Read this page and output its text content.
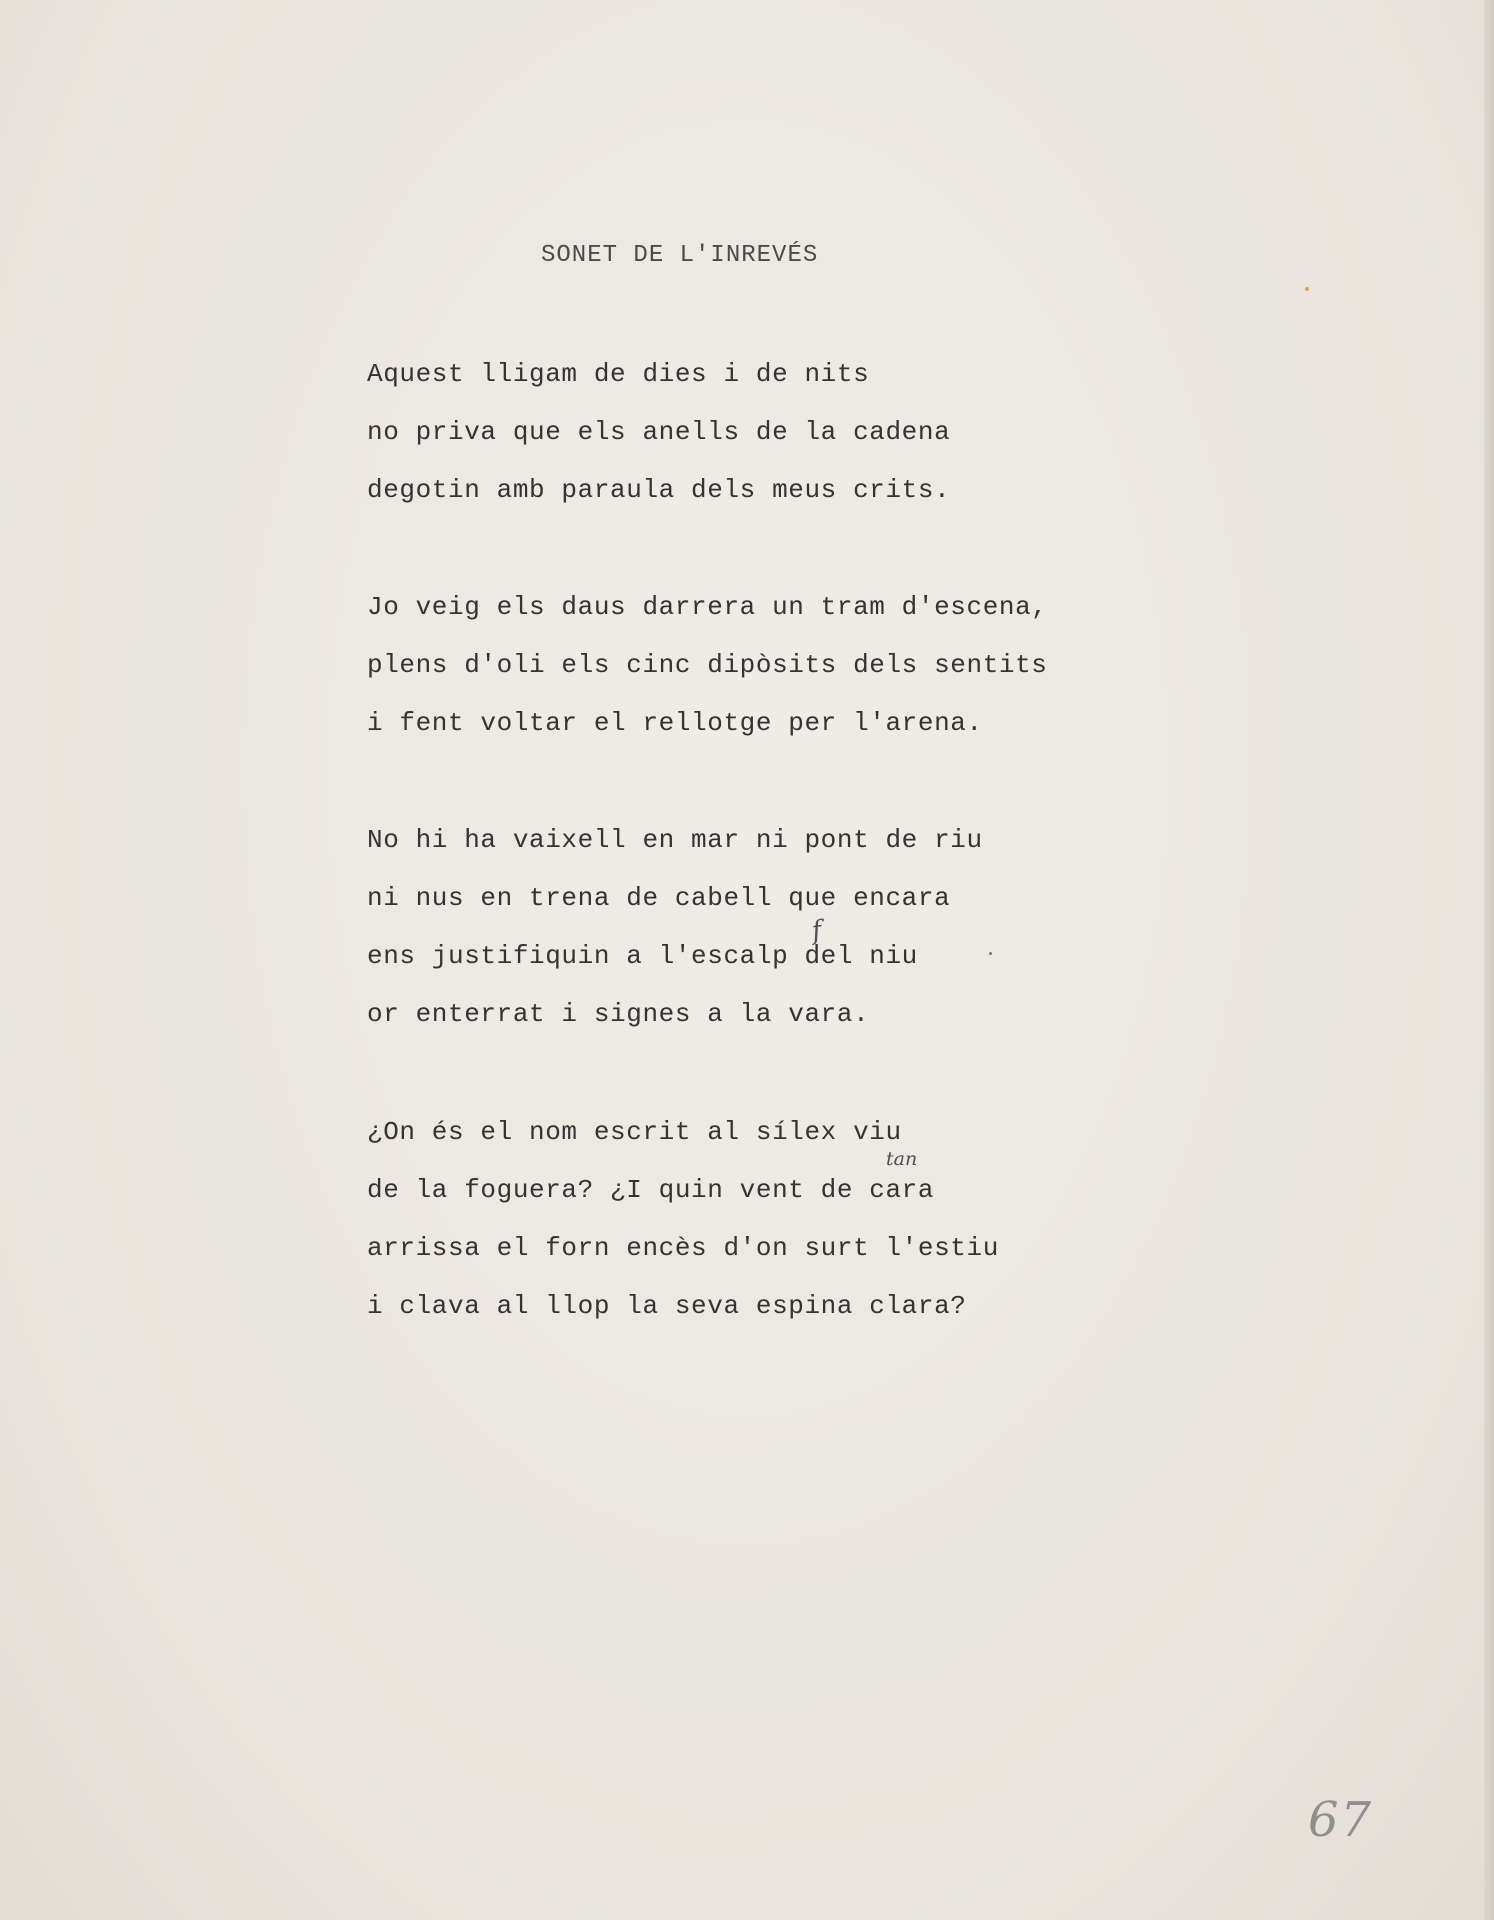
SONET DE L'INREVÉS

Aquest lligam de dies i de nits
no priva que els anells de la cadena
degotin amb paraula dels meus crits.
Jo veig els daus darrera un tram d'escena,
plens d'oli els cinc dipòsits dels sentits
i fent voltar el rellotge per l'arena.
No hi ha vaixell en mar ni pont de riu
ni nus en trena de cabell que encara
ens justifiquin a l'escalp del niu
or enterrat i signes a la vara.
¿On és el nom escrit al sílex viu
de la foguera? ¿I quin vent de cara
arrissa el forn encès d'on surt l'estiu
i clava al llop la seva espina clara?
f
tan
67
